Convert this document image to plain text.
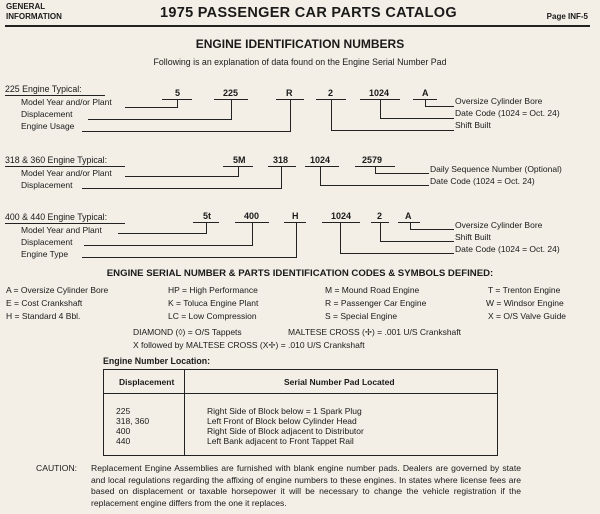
GENERAL
INFORMATION	1975 PASSENGER CAR PARTS CATALOG	Page INF-5
ENGINE IDENTIFICATION NUMBERS
Following is an explanation of data found on the Engine Serial Number Pad
225 Engine Typical:	5	225	R	2	1024	A
Model Year and/or Plant
Displacement
Engine Usage
Oversize Cylinder Bore
Date Code (1024 = Oct. 24)
Shift Built
318 & 360 Engine Typical:	5M	318 1024	2579
Model Year and/or Plant
Displacement
Daily Sequence Number (Optional)
Date Code (1024 = Oct. 24)
400 & 440 Engine Typical:	5t	400	H	1024	2	A
Model Year and Plant
Displacement
Engine Type
Oversize Cylinder Bore
Shift Built
Date Code (1024 = Oct. 24)
ENGINE SERIAL NUMBER & PARTS IDENTIFICATION CODES & SYMBOLS DEFINED:
A = Oversize Cylinder Bore	HP = High Performance	M = Mound Road Engine	T = Trenton Engine
E = Cost Crankshaft	K = Toluca Engine Plant	R = Passenger Car Engine	W = Windsor Engine
H = Standard 4 Bbl.	LC = Low Compression	S = Special Engine	X = O/S Valve Guide
DIAMOND (◊) = O/S Tappets	MALTESE CROSS (✢) = .001 U/S Crankshaft
X followed by MALTESE CROSS (X✢) = .010 U/S Crankshaft
Engine Number Location:
Displacement	Serial Number Pad Located
225	Right Side of Block below = 1 Spark Plug
318, 360	Left Front of Block below Cylinder Head
400	Right Side of Block adjacent to Distributor
440	Left Bank adjacent to Front Tappet Rail
CAUTION: Replacement Engine Assemblies are furnished with blank engine number pads. Dealers are governed by state and local regulations regarding the affixing of engine numbers to these engines. In states where license fees are based on displacement or taxable horsepower it will be necessary to change the vehicle registration if the replacement engine differs from the one it replaces.
